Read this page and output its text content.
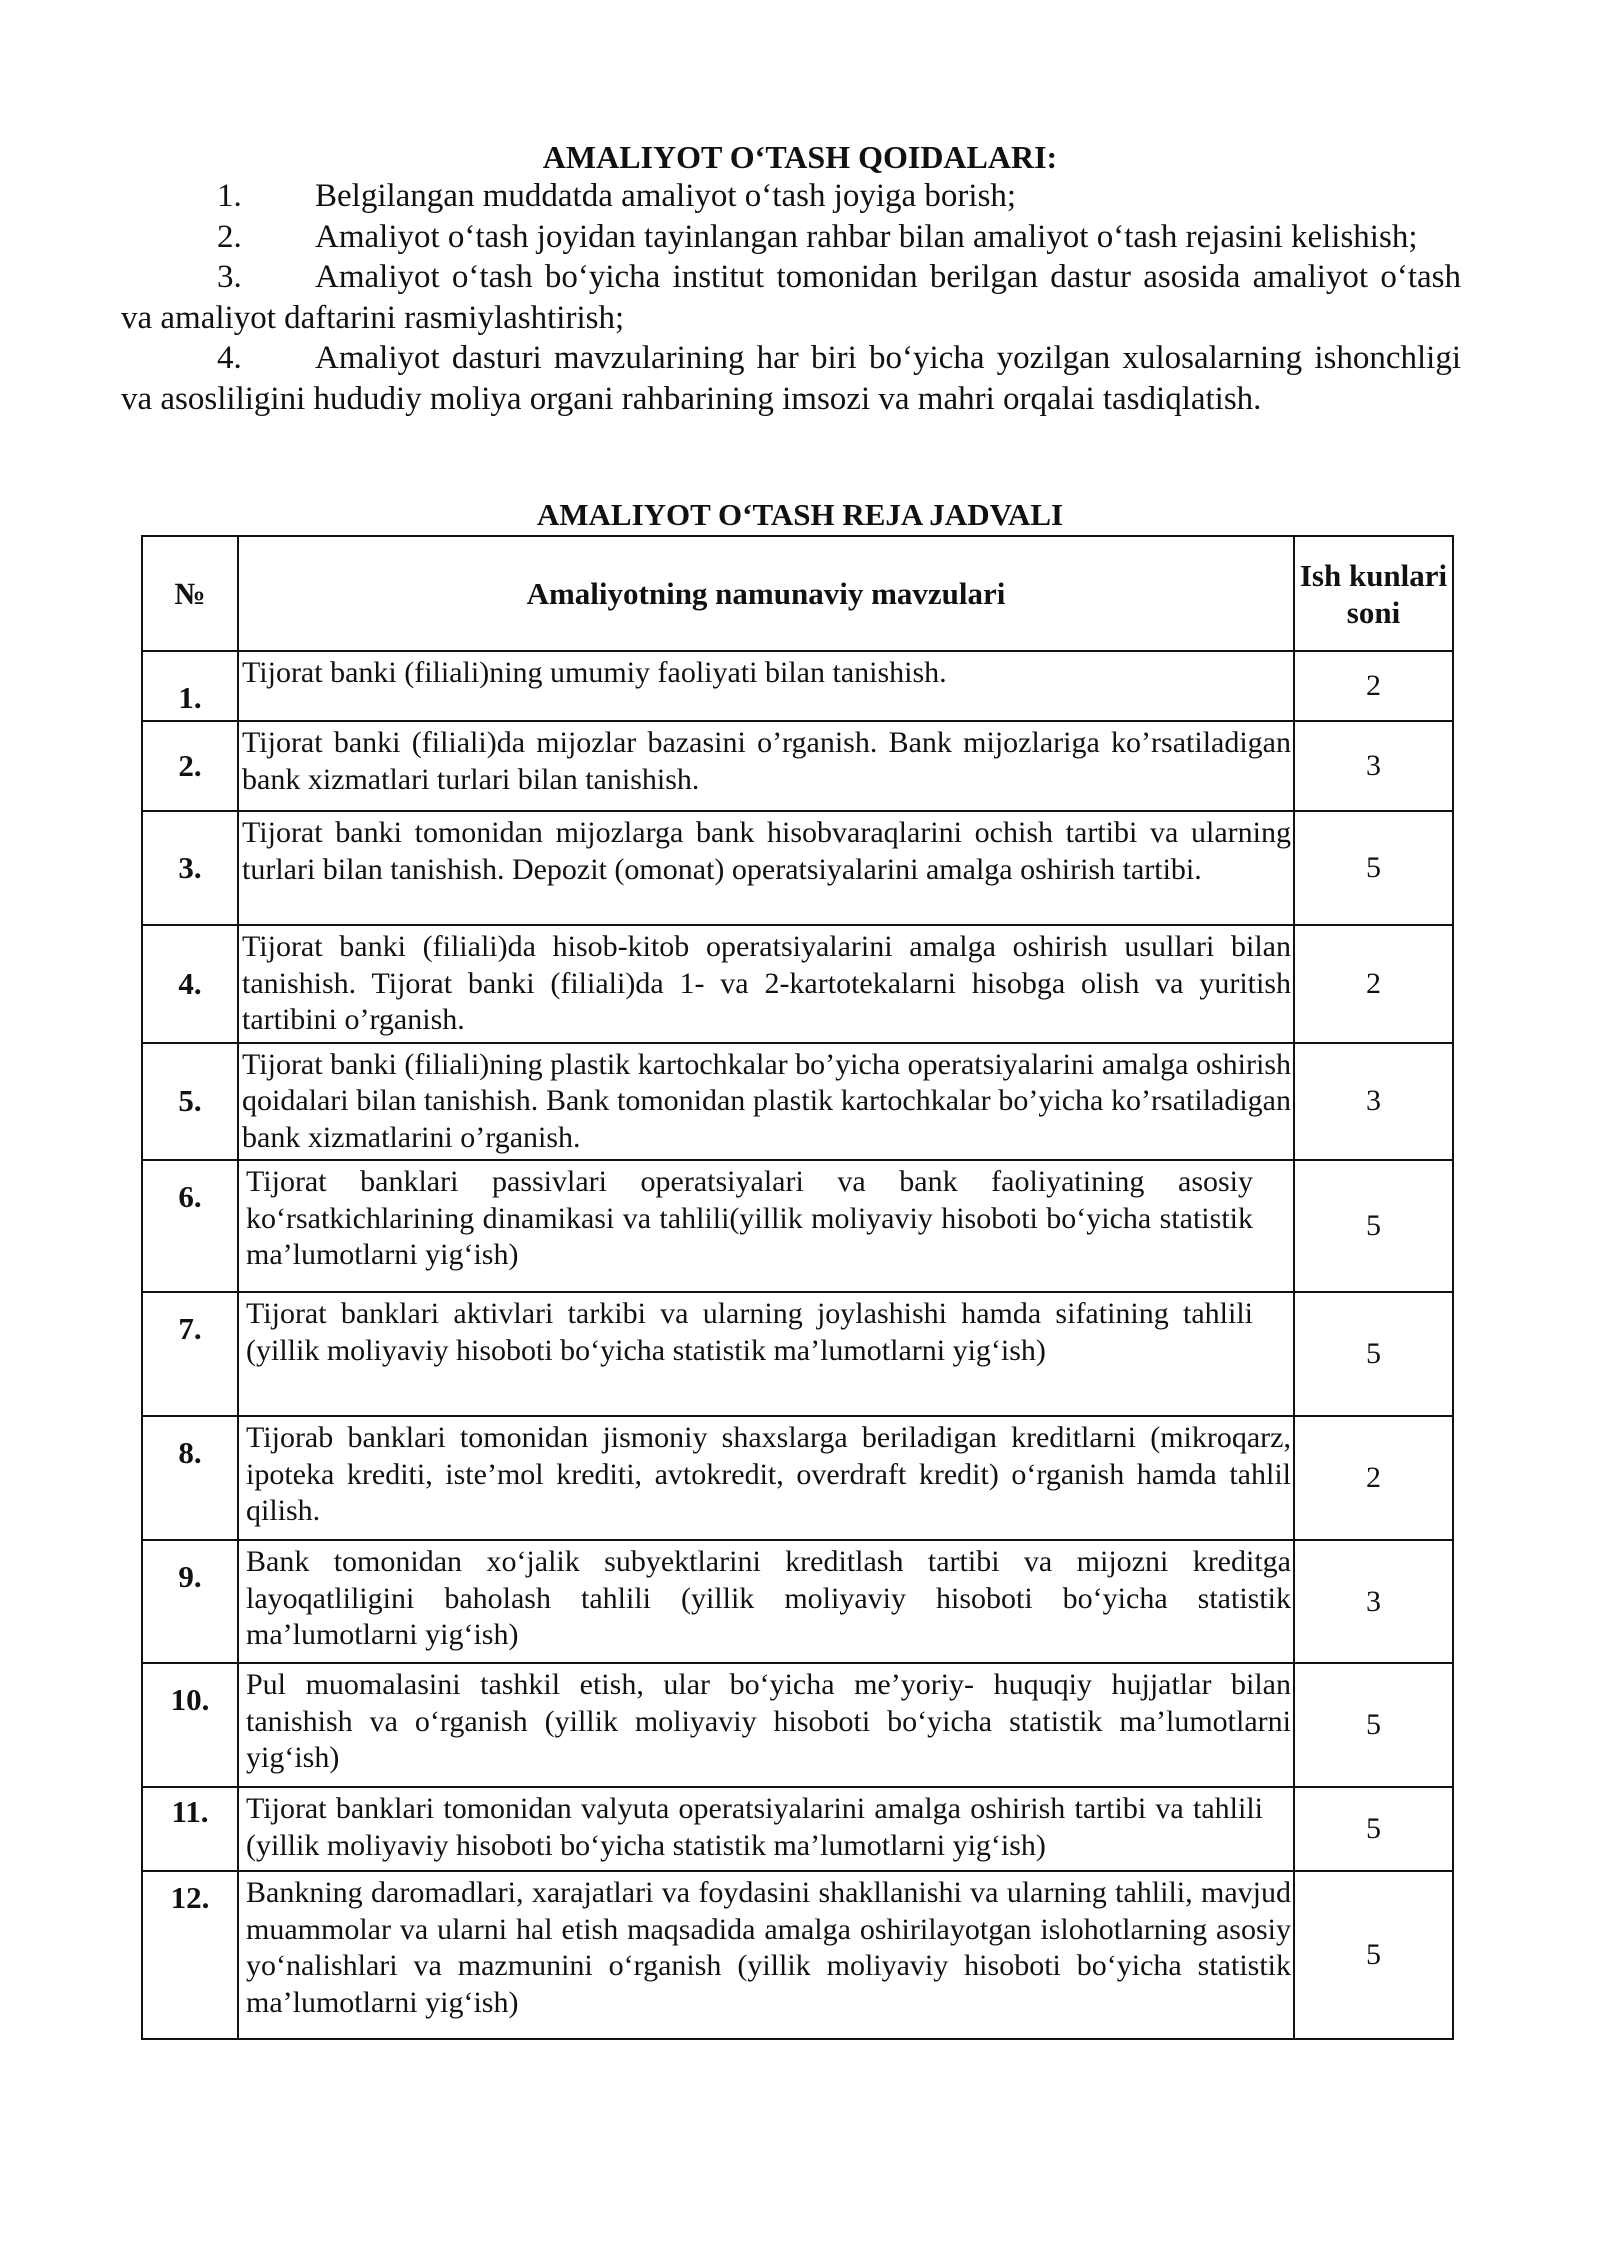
AMALIYOT O‘TASH QOIDALARI:
1. Belgilangan muddatda amaliyot o‘tash joyiga borish;
2. Amaliyot o‘tash joyidan tayinlangan rahbar bilan amaliyot o‘tash rejasini kelishish;
3. Amaliyot o‘tash bo‘yicha institut tomonidan berilgan dastur asosida amaliyot o‘tash va amaliyot daftarini rasmiylashtirish;
4. Amaliyot dasturi mavzularining har biri bo‘yicha yozilgan xulosalarning ishonchligi va asosliligini hududiy moliya organi rahbarining imsozi va mahri orqalai tasdiqlatish.
AMALIYOT O‘TASH REJA JADVALI
№	Amaliyotning namunaviy mavzulari	Ish kunlari soni
1.	Tijorat banki (filiali)ning umumiy faoliyati bilan tanishish.	2
2.	Tijorat banki (filiali)da mijozlar bazasini o’rganish. Bank mijozlariga ko’rsatiladigan bank xizmatlari turlari bilan tanishish.	3
3.	Tijorat banki tomonidan mijozlarga bank hisobvaraqlarini ochish tartibi va ularning turlari bilan tanishish. Depozit (omonat) operatsiyalarini amalga oshirish tartibi.	5
4.	Tijorat banki (filiali)da hisob-kitob operatsiyalarini amalga oshirish usullari bilan tanishish. Tijorat banki (filiali)da 1- va 2-kartotekalarni hisobga olish va yuritish tartibini o’rganish.	2
5.	Tijorat banki (filiali)ning plastik kartochkalar bo’yicha operatsiyalarini amalga oshirish qoidalari bilan tanishish. Bank tomonidan plastik kartochkalar bo’yicha ko’rsatiladigan bank xizmatlarini o’rganish.	3
6.	Tijorat banklari passivlari operatsiyalari va bank faoliyatining asosiy ko‘rsatkichlarining dinamikasi va tahlili(yillik moliyaviy hisoboti bo‘yicha statistik ma’lumotlarni yig‘ish)	5
7.	Tijorat banklari aktivlari tarkibi va ularning joylashishi hamda sifatining tahlili (yillik moliyaviy hisoboti bo‘yicha statistik ma’lumotlarni yig‘ish)	5
8.	Tijorab banklari tomonidan jismoniy shaxslarga beriladigan kreditlarni (mikroqarz, ipoteka krediti, iste’mol krediti, avtokredit, overdraft kredit) o‘rganish hamda tahlil qilish.	2
9.	Bank tomonidan xo‘jalik subyektlarini kreditlash tartibi va mijozni kreditga layoqatliligini baholash tahlili (yillik moliyaviy hisoboti bo‘yicha statistik ma’lumotlarni yig‘ish)	3
10.	Pul muomalasini tashkil etish, ular bo‘yicha me’yoriy- huquqiy hujjatlar bilan tanishish va o‘rganish (yillik moliyaviy hisoboti bo‘yicha statistik ma’lumotlarni yig‘ish)	5
11.	Tijorat banklari tomonidan valyuta operatsiyalarini amalga oshirish tartibi va tahlili (yillik moliyaviy hisoboti bo‘yicha statistik ma’lumotlarni yig‘ish)	5
12.	Bankning daromadlari, xarajatlari va foydasini shakllanishi va ularning tahlili, mavjud muammolar va ularni hal etish maqsadida amalga oshirilayotgan islohotlarning asosiy yo‘nalishlari va mazmunini o‘rganish (yillik moliyaviy hisoboti bo‘yicha statistik ma’lumotlarni yig‘ish)	5
